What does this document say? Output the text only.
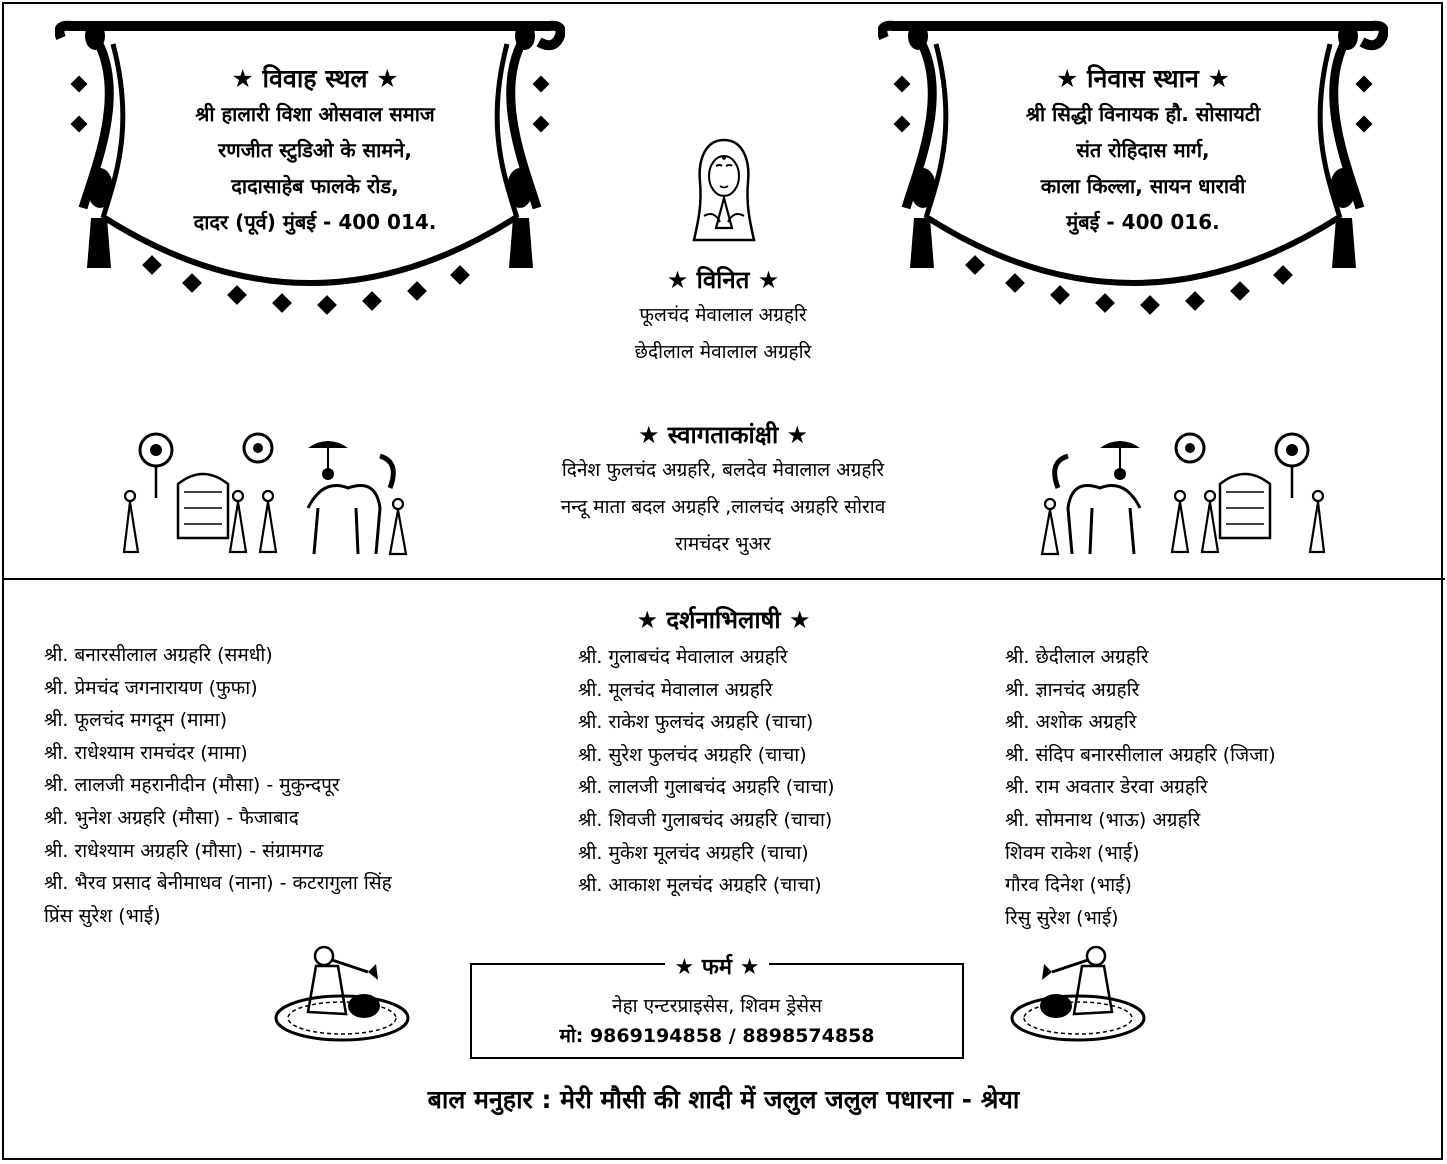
★ विवाह स्थल ★
श्री हालारी विशा ओसवाल समाज
रणजीत स्टुडिओ के सामने,
दादासाहेब फालके रोड,
दादर (पूर्व) मुंबई - 400 014.
★ निवास स्थान ★
श्री सिद्धी विनायक हौ. सोसायटी
संत रोहिदास मार्ग,
काला किल्ला, सायन धारावी
मुंबई - 400 016.
★ विनित ★
फूलचंद मेवालाल अग्रहरि
छेदीलाल मेवालाल अग्रहरि
★ स्वागताकांक्षी ★
दिनेश फुलचंद अग्रहरि, बलदेव मेवालाल अग्रहरि
नन्दू माता बदल अग्रहरि ,लालचंद अग्रहरि सोराव
रामचंदर भुअर
★ दर्शनाभिलाषी ★
श्री. बनारसीलाल अग्रहरि (समधी)
श्री. प्रेमचंद जगनारायण (फुफा)
श्री. फूलचंद मगदूम (मामा)
श्री. राधेश्याम रामचंदर (मामा)
श्री. लालजी महरानीदीन (मौसा) - मुकुन्दपूर
श्री. भुनेश अग्रहरि (मौसा) - फैजाबाद
श्री. राधेश्याम अग्रहरि (मौसा) - संग्रामगढ
श्री. भैरव प्रसाद बेनीमाधव (नाना) - कटरागुला सिंह
प्रिंस सुरेश (भाई)
श्री. गुलाबचंद मेवालाल अग्रहरि
श्री. मूलचंद मेवालाल अग्रहरि
श्री. राकेश फुलचंद अग्रहरि (चाचा)
श्री. सुरेश फुलचंद अग्रहरि (चाचा)
श्री. लालजी गुलाबचंद अग्रहरि (चाचा)
श्री. शिवजी गुलाबचंद अग्रहरि (चाचा)
श्री. मुकेश मूलचंद अग्रहरि (चाचा)
श्री. आकाश मूलचंद अग्रहरि (चाचा)
श्री. छेदीलाल अग्रहरि
श्री. ज्ञानचंद अग्रहरि
श्री. अशोक अग्रहरि
श्री. संदिप बनारसीलाल अग्रहरि (जिजा)
श्री. राम अवतार डेरवा अग्रहरि
श्री. सोमनाथ (भाऊ) अग्रहरि
शिवम राकेश (भाई)
गौरव दिनेश (भाई)
रिसु सुरेश (भाई)
★ फर्म ★
नेहा एन्टरप्राइसेस, शिवम ड्रेसेस
मो: 9869194858 / 8898574858
बाल मनुहार : मेरी मौसी की शादी में जलुल जलुल पधारना - श्रेया
